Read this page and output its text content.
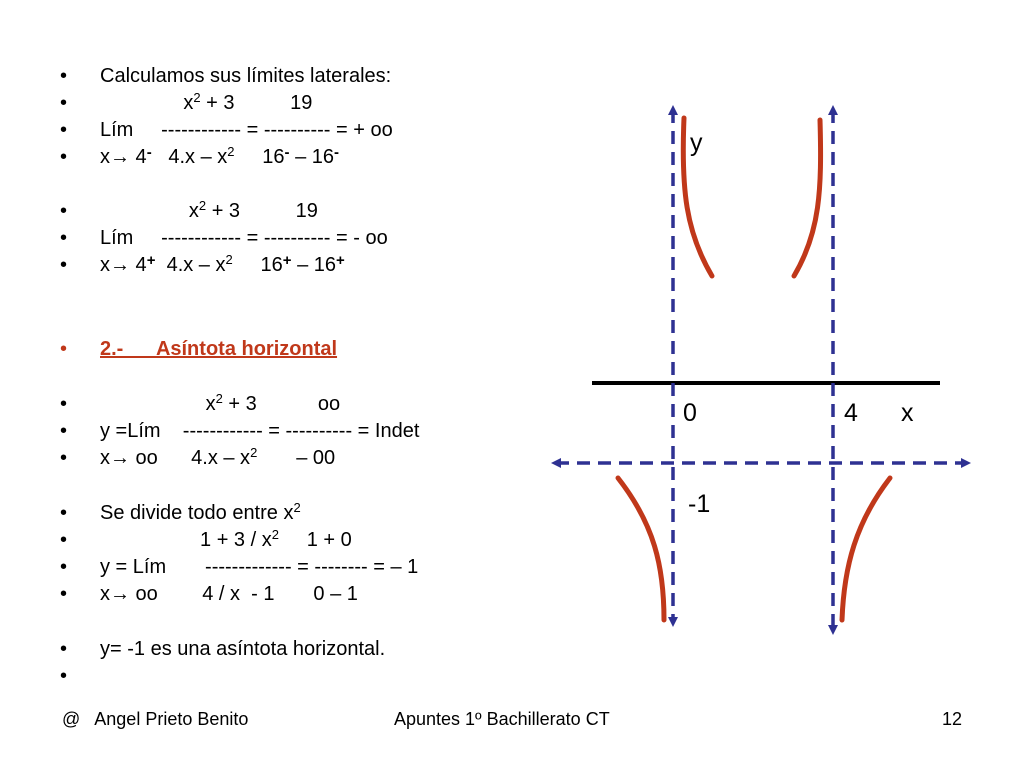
•

Calculamos sus límites laterales:

•

$x^2 + 3$          19

•

Lím     ------------ = ---------- = + oo

•

x→ 4-   $4.x - x^2$     16- – 16-

•

$x^2 + 3$          19

•

Lím     ------------ = ---------- = - oo

•

x→ 4+  $4.x - x^2$     16+ – 16+

•

2.-      Asíntota horizontal

•

$x^2 + 3$           oo

•

y =Lím    ------------ = ---------- = Indet

•

x→ oo      $4.x - x^2$       – 00

•

Se divide todo entre $x^2$

•

$1 + 3 / x^2$     1 + 0

•

y = Lím       ------------- = -------- = – 1

•

x→ oo        4 / x  - 1       0 – 1

•

y= -1 es una asíntota horizontal.

•

y
0	4 x
-1
@   Angel Prieto Benito	Apuntes 1º Bachillerato CT	12
